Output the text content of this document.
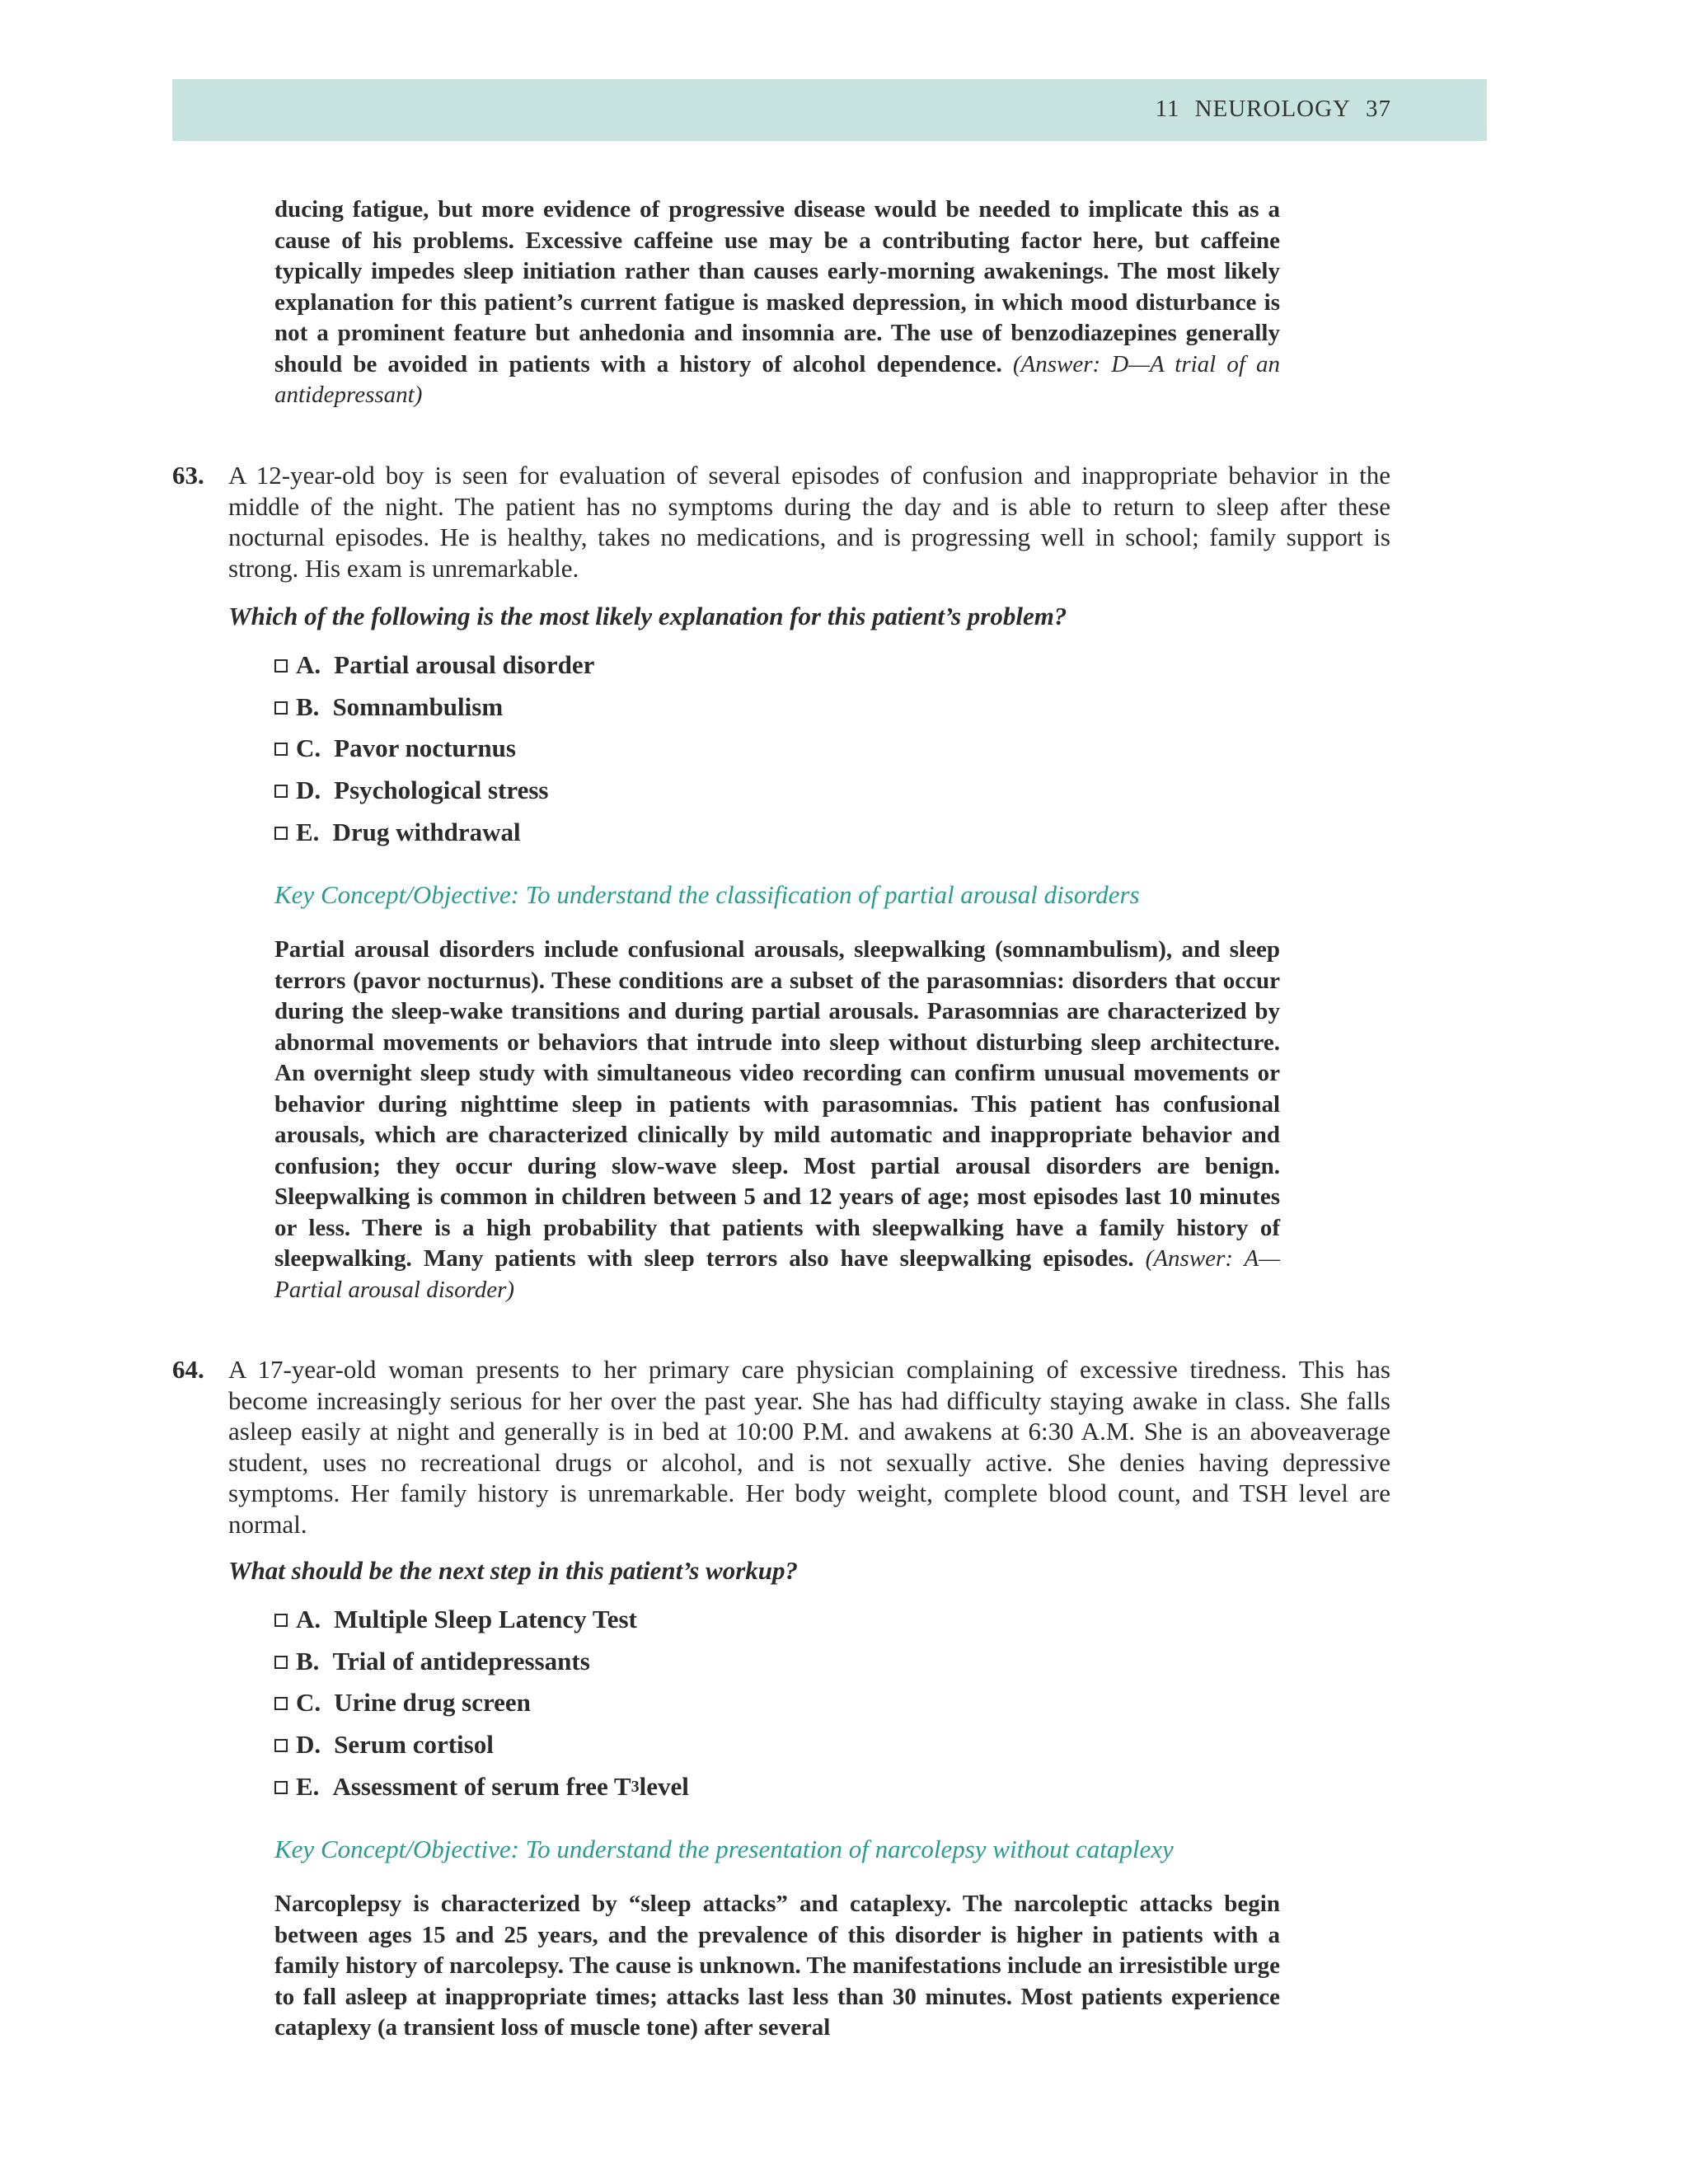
11 NEUROLOGY 37

ducing fatigue, but more evidence of progressive disease would be needed to implicate this as a cause of his problems. Excessive caffeine use may be a contributing factor here, but caffeine typically impedes sleep initiation rather than causes early-morning awakenings. The most likely explanation for this patient’s current fatigue is masked depression, in which mood disturbance is not a prominent feature but anhedonia and insomnia are. The use of benzodiazepines generally should be avoided in patients with a history of alcohol dependence. (Answer: D—A trial of an antidepressant)

63. A 12-year-old boy is seen for evaluation of several episodes of confusion and inappropriate behavior in the middle of the night. The patient has no symptoms during the day and is able to return to sleep after these nocturnal episodes. He is healthy, takes no medications, and is progressing well in school; family support is strong. His exam is unremarkable.

Which of the following is the most likely explanation for this patient’s problem?

A. Partial arousal disorder
B. Somnambulism
C. Pavor nocturnus
D. Psychological stress
E. Drug withdrawal

Key Concept/Objective: To understand the classification of partial arousal disorders

Partial arousal disorders include confusional arousals, sleepwalking (somnambulism), and sleep terrors (pavor nocturnus). These conditions are a subset of the parasomnias: disorders that occur during the sleep-wake transitions and during partial arousals. Parasomnias are characterized by abnormal movements or behaviors that intrude into sleep without disturbing sleep architecture. An overnight sleep study with simultaneous video recording can confirm unusual movements or behavior during nighttime sleep in patients with parasomnias. This patient has confusional arousals, which are characterized clinically by mild automatic and inappropriate behavior and confusion; they occur during slow-wave sleep. Most partial arousal disorders are benign. Sleepwalking is common in children between 5 and 12 years of age; most episodes last 10 minutes or less. There is a high probability that patients with sleepwalking have a family history of sleepwalking. Many patients with sleep terrors also have sleepwalking episodes. (Answer: A—Partial arousal disorder)

64. A 17-year-old woman presents to her primary care physician complaining of excessive tiredness. This has become increasingly serious for her over the past year. She has had difficulty staying awake in class. She falls asleep easily at night and generally is in bed at 10:00 P.M. and awakens at 6:30 A.M. She is an aboveaverage student, uses no recreational drugs or alcohol, and is not sexually active. She denies having depressive symptoms. Her family history is unremarkable. Her body weight, complete blood count, and TSH level are normal.

What should be the next step in this patient’s workup?

A. Multiple Sleep Latency Test
B. Trial of antidepressants
C. Urine drug screen
D. Serum cortisol
E. Assessment of serum free T 3 level

Key Concept/Objective: To understand the presentation of narcolepsy without cataplexy

Narcoplepsy is characterized by “sleep attacks” and cataplexy. The narcoleptic attacks begin between ages 15 and 25 years, and the prevalence of this disorder is higher in patients with a family history of narcolepsy. The cause is unknown. The manifestations include an irresistible urge to fall asleep at inappropriate times; attacks last less than 30 minutes. Most patients experience cataplexy (a transient loss of muscle tone) after several
